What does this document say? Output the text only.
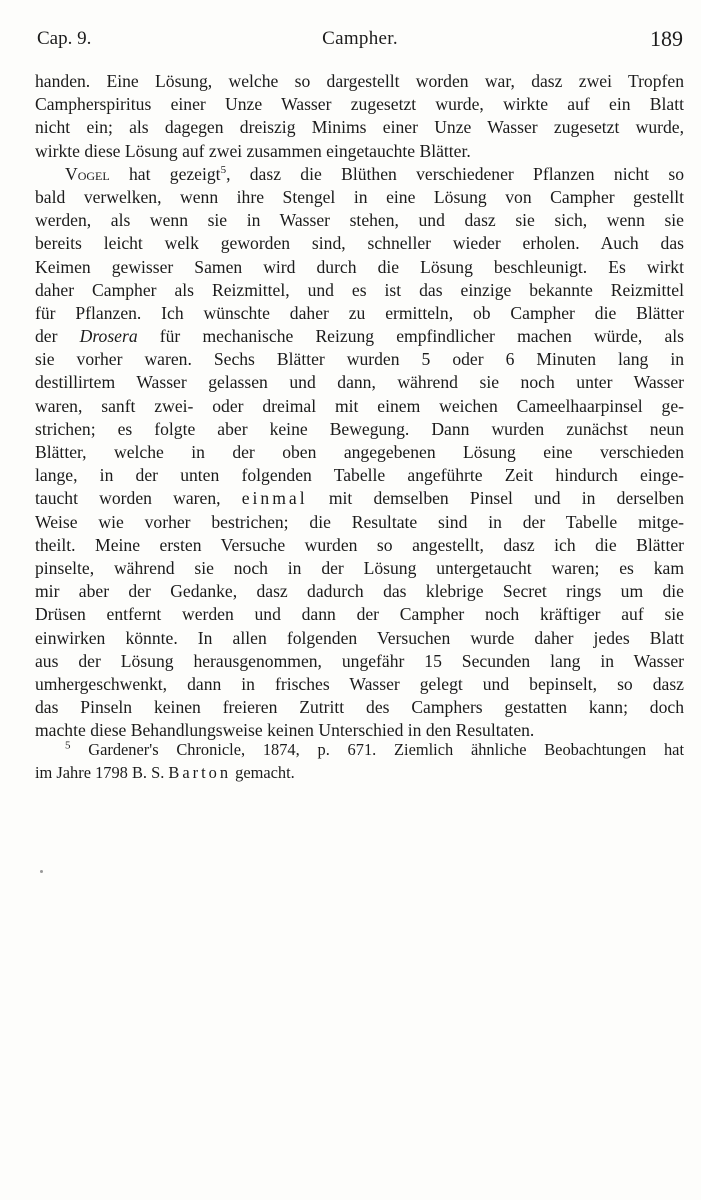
Cap. 9.	Campher.	189
handen. Eine Lösung, welche so dargestellt worden war, dasz zwei Tropfen
Campherspiritus einer Unze Wasser zugesetzt wurde, wirkte auf ein Blatt
nicht ein; als dagegen dreiszig Minims einer Unze Wasser zugesetzt wurde,
wirkte diese Lösung auf zwei zusammen eingetauchte Blätter.
Vogel hat gezeigt$^5$, dasz die Blüthen verschiedener Pflanzen nicht so
bald verwelken, wenn ihre Stengel in eine Lösung von Campher gestellt
werden, als wenn sie in Wasser stehen, und dasz sie sich, wenn sie
bereits leicht welk geworden sind, schneller wieder erholen. Auch das
Keimen gewisser Samen wird durch die Lösung beschleunigt. Es wirkt
daher Campher als Reizmittel, und es ist das einzige bekannte Reizmittel
für Pflanzen. Ich wünschte daher zu ermitteln, ob Campher die Blätter
der Drosera für mechanische Reizung empfindlicher machen würde, als
sie vorher waren. Sechs Blätter wurden 5 oder 6 Minuten lang in
destillirtem Wasser gelassen und dann, während sie noch unter Wasser
waren, sanft zwei- oder dreimal mit einem weichen Cameelhaarpinsel ge-
strichen; es folgte aber keine Bewegung. Dann wurden zunächst neun
Blätter, welche in der oben angegebenen Lösung eine verschieden
lange, in der unten folgenden Tabelle angeführte Zeit hindurch einge-
taucht worden waren, einmal mit demselben Pinsel und in derselben
Weise wie vorher bestrichen; die Resultate sind in der Tabelle mitge-
theilt. Meine ersten Versuche wurden so angestellt, dasz ich die Blätter
pinselte, während sie noch in der Lösung untergetaucht waren; es kam
mir aber der Gedanke, dasz dadurch das klebrige Secret rings um die
Drüsen entfernt werden und dann der Campher noch kräftiger auf sie
einwirken könnte. In allen folgenden Versuchen wurde daher jedes Blatt
aus der Lösung herausgenommen, ungefähr 15 Secunden lang in Wasser
umhergeschwenkt, dann in frisches Wasser gelegt und bepinselt, so dasz
das Pinseln keinen freieren Zutritt des Camphers gestatten kann; doch
machte diese Behandlungsweise keinen Unterschied in den Resultaten.
$^5$ Gardener's Chronicle, 1874, p. 671. Ziemlich ähnliche Beobachtungen hat
im Jahre 1798 B. S. Barton gemacht.
